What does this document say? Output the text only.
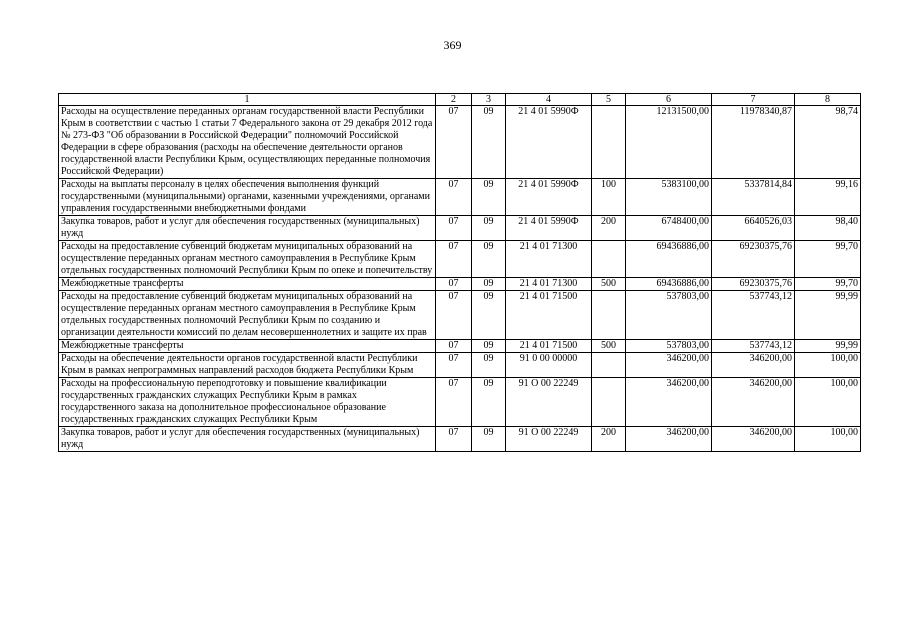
369
1	2	3	4	5	6	7	8
Расходы на осуществление переданных органам государственной власти Республики Крым в соответствии с частью 1 статьи 7 Федерального закона от 29 декабря 2012 года № 273-ФЗ "Об образовании в Российской Федерации" полномочий Российской Федерации в сфере образования (расходы на обеспечение деятельности органов государственной власти Республики Крым, осуществляющих переданные полномочия Российской Федерации)	07	09	21 4 01 5990Ф		12131500,00	11978340,87	98,74
Расходы на выплаты персоналу в целях обеспечения выполнения функций государственными (муниципальными) органами, казенными учреждениями, органами управления государственными внебюджетными фондами	07	09	21 4 01 5990Ф	100	5383100,00	5337814,84	99,16
Закупка товаров, работ и услуг для обеспечения государственных (муниципальных) нужд	07	09	21 4 01 5990Ф	200	6748400,00	6640526,03	98,40
Расходы на предоставление субвенций бюджетам муниципальных образований на осуществление переданных органам местного самоуправления в Республике Крым отдельных государственных полномочий Республики Крым по опеке и попечительству	07	09	21 4 01 71300		69436886,00	69230375,76	99,70
Межбюджетные трансферты	07	09	21 4 01 71300	500	69436886,00	69230375,76	99,70
Расходы на предоставление субвенций бюджетам муниципальных образований на осуществление переданных органам местного самоуправления в Республике Крым отдельных государственных полномочий Республики Крым по созданию и организации деятельности комиссий по делам несовершеннолетних и защите их прав	07	09	21 4 01 71500		537803,00	537743,12	99,99
Межбюджетные трансферты	07	09	21 4 01 71500	500	537803,00	537743,12	99,99
Расходы на обеспечение деятельности органов государственной власти Республики Крым в рамках непрограммных направлений расходов бюджета Республики Крым	07	09	91 0 00 00000		346200,00	346200,00	100,00
Расходы на профессиональную переподготовку и повышение квалификации государственных гражданских служащих Республики Крым в рамках государственного заказа на дополнительное профессиональное образование государственных гражданских служащих Республики Крым	07	09	91 О 00 22249		346200,00	346200,00	100,00
Закупка товаров, работ и услуг для обеспечения государственных (муниципальных) нужд	07	09	91 О 00 22249	200	346200,00	346200,00	100,00
